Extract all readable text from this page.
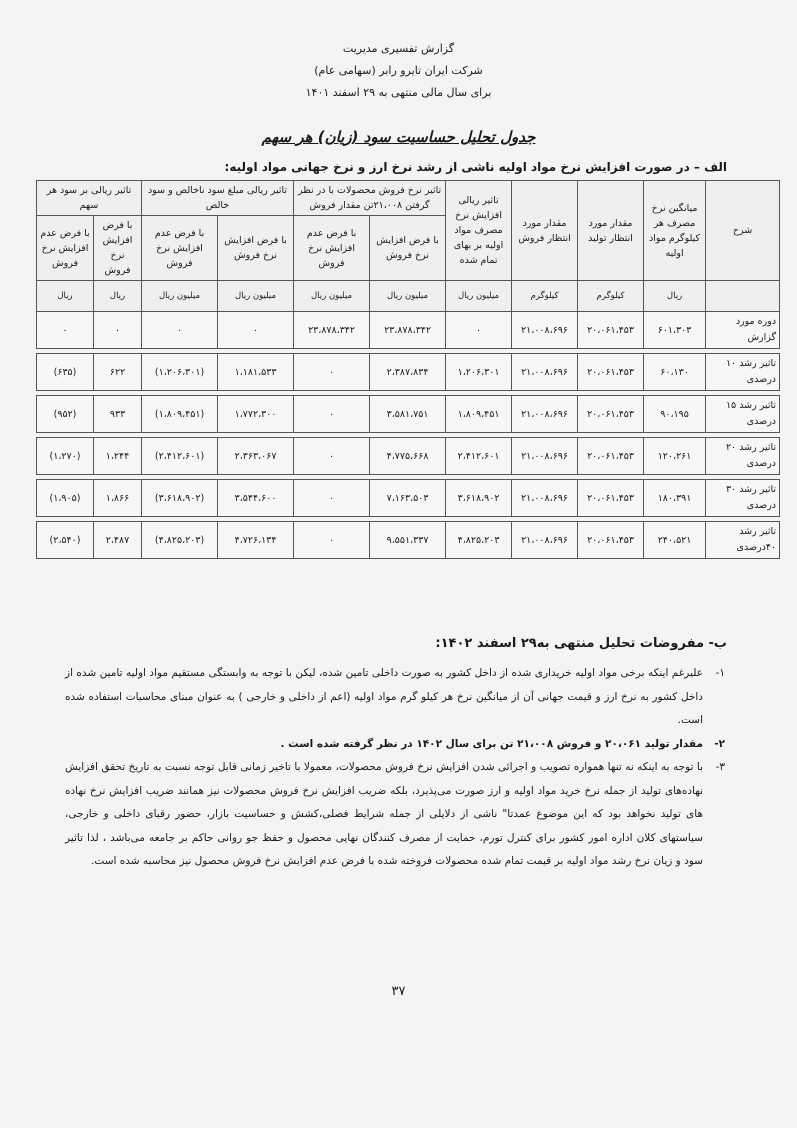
گزارش تفسیری مدیریت
شرکت ایران تایرو رابر (سهامی عام)
برای سال مالی منتهی به ۲۹ اسفند ۱۴۰۱
جدول تحلیل حساسیت سود (زیان) هر سهم
الف – در صورت افزایش نرخ مواد اولیه ناشی از رشد نرخ ارز و نرخ جهانی مواد اولیه:
شرح	میانگین نرخ مصرف هر کیلوگرم مواد اولیه	مقدار مورد انتظار تولید	مقدار مورد انتظار فروش	تاثیر ریالی افزایش نرخ مصرف مواد اولیه بر بهای تمام شده	تاثیر نرخ فروش محصولات با در نظر گرفتن ۲۱،۰۰۸تن مقدار فروش		تاثیر ریالی مبلغ سود ناخالص و سود خالص		تاثیر ریالی بر سود هر سهم	
					با فرض افزایش نرخ فروش	با فرض عدم افزایش نرخ فروش	با فرض افزایش نرخ فروش	با فرض عدم افزایش نرخ فروش	با فرض افزایش نرخ فروش	با فرض عدم افزایش نرخ فروش
	ریال	کیلوگرم	کیلوگرم	میلیون ریال	میلیون ریال	میلیون ریال	میلیون ریال	میلیون ریال	ریال	ریال
دوره مورد گزارش	۶۰۱،۳۰۳	۲۰،۰۶۱،۴۵۳	۲۱،۰۰۸،۶۹۶	۰	۲۳،۸۷۸،۳۴۲	۲۳،۸۷۸،۳۴۲	۰	۰	۰	۰

تاثیر رشد ۱۰ درصدی	۶۰،۱۳۰	۲۰،۰۶۱،۴۵۳	۲۱،۰۰۸،۶۹۶	۱،۲۰۶،۳۰۱	۲،۳۸۷،۸۳۴	۰	۱،۱۸۱،۵۳۳	(۱،۲۰۶،۳۰۱)	۶۲۲	(۶۳۵)

تاثیر رشد ۱۵ درصدی	۹۰،۱۹۵	۲۰،۰۶۱،۴۵۳	۲۱،۰۰۸،۶۹۶	۱،۸۰۹،۴۵۱	۳،۵۸۱،۷۵۱	۰	۱،۷۷۲،۳۰۰	(۱،۸۰۹،۴۵۱)	۹۳۳	(۹۵۲)

تاثیر رشد ۲۰ درصدی	۱۲۰،۲۶۱	۲۰،۰۶۱،۴۵۳	۲۱،۰۰۸،۶۹۶	۲،۴۱۲،۶۰۱	۴،۷۷۵،۶۶۸	۰	۲،۳۶۳،۰۶۷	(۲،۴۱۲،۶۰۱)	۱،۲۴۴	(۱،۲۷۰)

تاثیر رشد ۳۰ درصدی	۱۸۰،۳۹۱	۲۰،۰۶۱،۴۵۳	۲۱،۰۰۸،۶۹۶	۳،۶۱۸،۹۰۲	۷،۱۶۳،۵۰۳	۰	۳،۵۴۴،۶۰۰	(۳،۶۱۸،۹۰۲)	۱،۸۶۶	(۱،۹۰۵)

تاثیر رشد ۴۰درصدی	۲۴۰،۵۲۱	۲۰،۰۶۱،۴۵۳	۲۱،۰۰۸،۶۹۶	۴،۸۲۵،۲۰۳	۹،۵۵۱،۳۳۷	۰	۴،۷۲۶،۱۳۴	(۴،۸۲۵،۲۰۳)	۲،۴۸۷	(۲،۵۴۰)
ب- مفروضات تحلیل منتهی به۲۹ اسفند ۱۴۰۲:
۱-
علیرغم اینکه برخی مواد اولیه خریداری شده از داخل کشور به صورت داخلی تامین شده، لیکن با توجه به وابستگی مستقیم مواد اولیه تامین شده از داخل کشور به نرخ ارز و قیمت جهانی آن از میانگین نرخ هر کیلو گرم مواد اولیه (اعم از داخلی و خارجی ) به عنوان مبنای محاسبات استفاده شده است.
۲-
مقدار تولید ۲۰،۰۶۱ و فروش ۲۱،۰۰۸ تن برای سال ۱۴۰۲ در نظر گرفته شده است .
۳-
با توجه به اینکه نه تنها همواره تصویب و اجرائی شدن افزایش نرخ فروش محصولات، معمولا با تاخیر زمانی قابل توجه نسبت به تاریخ تحقق افزایش نهاده‌های تولید از جمله نرخ خرید مواد اولیه و ارز صورت می‌پذیرد، بلکه ضریب افزایش نرخ فروش محصولات نیز همانند ضریب افزایش نرخ نهاده های تولید نخواهد بود که این موضوع عمدتا" ناشی از دلایلی از جمله شرایط فصلی،کشش و حساسیت بازار، حضور رقبای داخلی و خارجی، سیاستهای کلان اداره امور کشور برای کنترل تورم، حمایت از مصرف کنندگان نهایی محصول و حفظ جو روانی حاکم بر جامعه می‌باشد ، لذا تاثیر سود و زیان نرخ رشد مواد اولیه بر قیمت تمام شده محصولات فروخته شده با فرض عدم افزایش نرخ فروش محصول نیز محاسبه شده است.
۳۷
